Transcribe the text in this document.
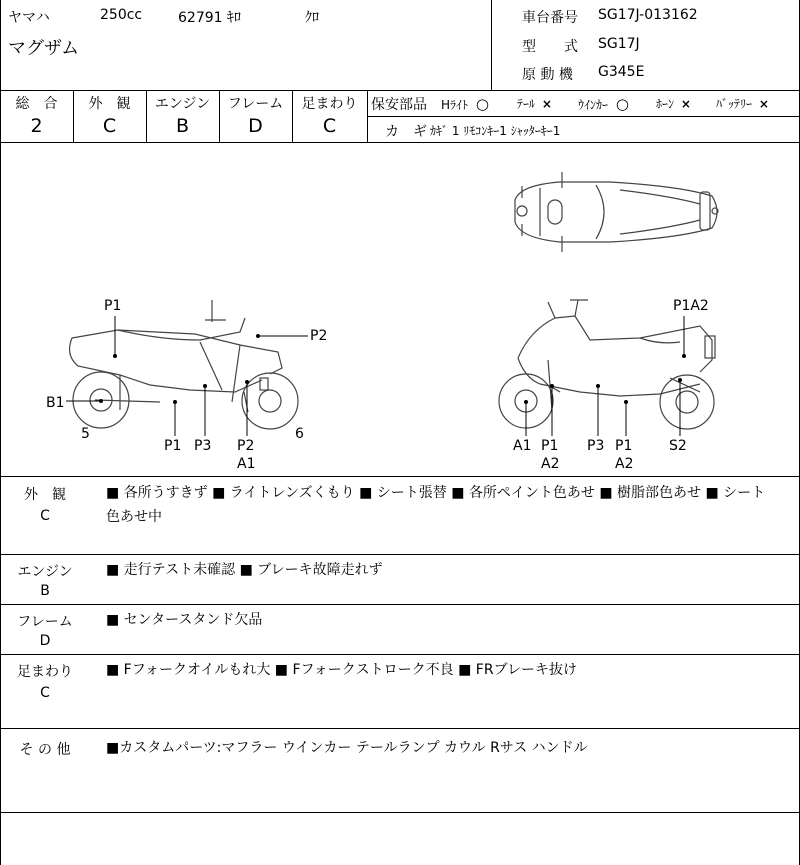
ヤマハ	250cc	62791 ｷﾛ	ｸﾛ
マグザム
車台番号 SG17J-013162
型　　式 SG17J
原 動 機 G345E
総　合
2
外　観
C
エンジン
B
フレーム
D
足まわり
C
保安部品 Hﾗｲﾄ ○ ﾃｰﾙ × ｳｲﾝｶｰ ○ ﾎｰﾝ × ﾊﾞｯﾃﾘｰ ×
カ　ギ ｶｷﾞ 1 ﾘﾓｺﾝｷｰ1 ｼｬｯﾀｰｷｰ1
P1
P2
B1
5
P1 P3 P2
A1
6
P1A2
A1 P1
A2
P3 P1
A2
S2
外　観
C
■ 各所うすきず ■ ライトレンズくもり ■ シート張替 ■ 各所ペイント色あせ ■ 樹脂部色あせ ■ シート
色あせ中
エンジン
B
■ 走行テスト未確認 ■ ブレーキ故障走れず
フレーム
D
■ センタースタンド欠品
足まわり
C
■ Fフォークオイルもれ大 ■ Fフォークストローク不良 ■ FRブレーキ抜け
そ の 他	■カスタムパーツ:マフラー ウインカー テールランプ カウル Rサス ハンドル
